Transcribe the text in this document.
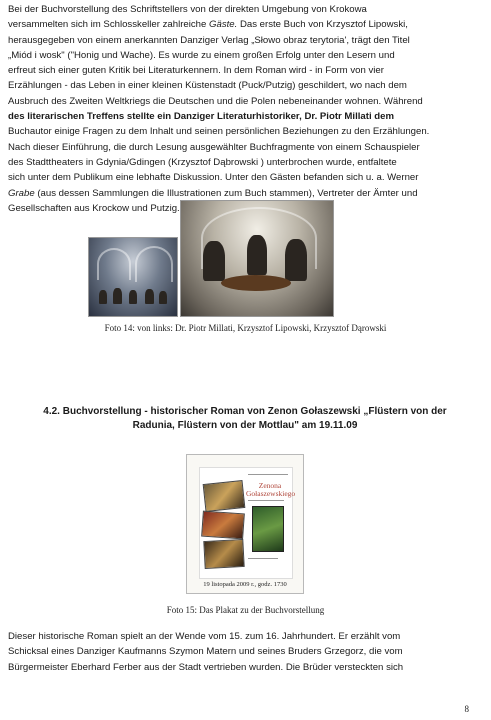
Bei der Buchvorstellung des Schriftstellers von der direkten Umgebung von Krokowa
versammelten sich im Schlosskeller zahlreiche Gäste. Das erste Buch von Krzysztof Lipowski,
herausgegeben von einem anerkannten Danziger Verlag „Słowo obraz terytoria', trägt den Titel
„Miód i wosk" ("Honig und Wache). Es wurde zu einem großen Erfolg unter den Lesern und
erfreut sich einer guten Kritik bei Literaturkennern. In dem Roman wird - in Form von vier
Erzählungen - das Leben in einer kleinen Küstenstadt (Puck/Putzig) geschildert, wo nach dem
Ausbruch des Zweiten Weltkriegs die Deutschen und die Polen nebeneinander wohnen. Während
des literarischen Treffens stellte ein Danziger Literaturhistoriker, Dr. Piotr Millati dem
Buchautor einige Fragen zu dem Inhalt und seinen persönlichen Beziehungen zu den Erzählungen.
Nach dieser Einführung, die durch Lesung ausgewählter Buchfragmente von einem Schauspieler
des Stadttheaters in Gdynia/Gdingen (Krzysztof Dąbrowski ) unterbrochen wurde, entfaltete
sich unter dem Publikum eine lebhafte Diskussion. Unter den Gästen befanden sich u. a. Werner
Grabe (aus dessen Sammlungen die Illustrationen zum Buch stammen), Vertreter der Ämter und
Gesellschaften aus Krockow und Putzig.

Foto 14: von links: Dr. Piotr Millati, Krzysztof Lipowski, Krzysztof Dąrowski
4.2. Buchvorstellung - historischer Roman von Zenon Gołaszewski „Flüstern von der
Radunia, Flüstern von der Mottlau" am 19.11.09
Zenona
Gołaszewskiego
19 listopada 2009 r., godz. 1730
Foto 15: Das Plakat zu der Buchvorstellung

Dieser historische Roman spielt an der Wende vom 15. zum 16. Jahrhundert. Er erzählt vom
Schicksal eines Danziger Kaufmanns Szymon Matern und seines Bruders Grzegorz, die vom
Bürgermeister Eberhard Ferber aus der Stadt vertrieben wurden. Die Brüder versteckten sich

8
